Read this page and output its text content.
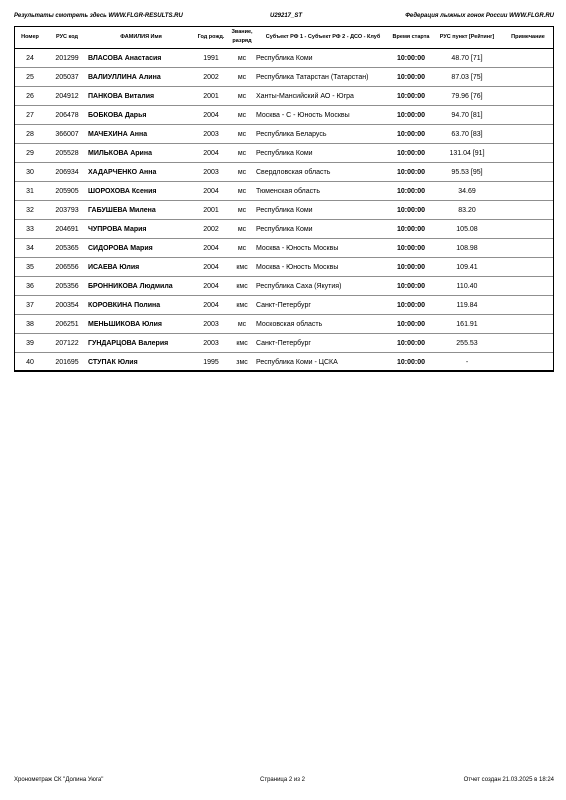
Результаты смотреть здесь WWW.FLGR-RESULTS.RU	U29217_ST	Федерация лыжных гонок России WWW.FLGR.RU
Номер	РУС код	ФАМИЛИЯ Имя	Год рожд.	Звание, разряд	Субъект РФ 1 - Субъект РФ 2 - ДСО - Клуб	Время старта	РУС пункт [Рейтинг]	Примечание
24	201299	ВЛАСОВА Анастасия	1991	мс	Республика Коми	10:00:00	48.70 [71]	
25	205037	ВАЛИУЛЛИНА Алина	2002	мс	Республика Татарстан (Татарстан)	10:00:00	87.03 [75]	
26	204912	ПАНКОВА Виталия	2001	мс	Ханты-Мансийский АО - Югра	10:00:00	79.96 [76]	
27	206478	БОБКОВА Дарья	2004	мс	Москва - С - Юность Москвы	10:00:00	94.70 [81]	
28	366007	МАЧЕХИНА Анна	2003	мс	Республика Беларусь	10:00:00	63.70 [83]	
29	205528	МИЛЬКОВА Арина	2004	мс	Республика Коми	10:00:00	131.04 [91]	
30	206934	ХАДАРЧЕНКО Анна	2003	мс	Свердловская область	10:00:00	95.53 [95]	
31	205905	ШОРОХОВА Ксения	2004	мс	Тюменская область	10:00:00	34.69	
32	203793	ГАБУШЕВА Милена	2001	мс	Республика Коми	10:00:00	83.20	
33	204691	ЧУПРОВА Мария	2002	мс	Республика Коми	10:00:00	105.08	
34	205365	СИДОРОВА Мария	2004	мс	Москва - Юность Москвы	10:00:00	108.98	
35	206556	ИСАЕВА Юлия	2004	кмс	Москва - Юность Москвы	10:00:00	109.41	
36	205356	БРОННИКОВА Людмила	2004	кмс	Республика Саха (Якутия)	10:00:00	110.40	
37	200354	КОРОВКИНА Полина	2004	кмс	Санкт-Петербург	10:00:00	119.84	
38	206251	МЕНЬШИКОВА Юлия	2003	мс	Московская область	10:00:00	161.91	
39	207122	ГУНДАРЦОВА Валерия	2003	кмс	Санкт-Петербург	10:00:00	255.53	
40	201695	СТУПАК Юлия	1995	змс	Республика Коми - ЦСКА	10:00:00	-	
Хронометраж СК "Долина Уюга"	Страница 2 из 2	Отчет создан 21.03.2025 в 18:24
